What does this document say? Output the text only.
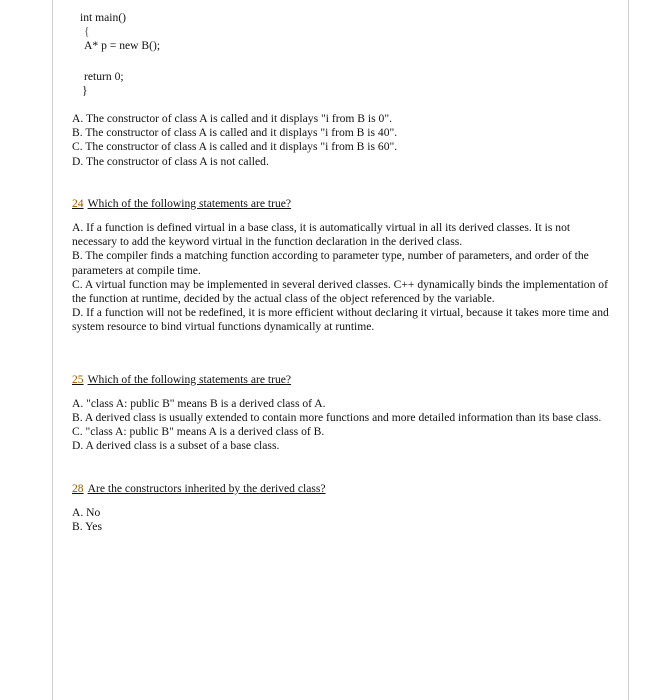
int main()
{
A* p = new B();
return 0;
}

A. The constructor of class A is called and it displays "i from B is 0".

B. The constructor of class A is called and it displays "i from B is 40".

C. The constructor of class A is called and it displays "i from B is 60".

D. The constructor of class A is not called.

24 Which of the following statements are true?

A. If a function is defined virtual in a base class, it is automatically virtual in all its derived classes. It is not necessary to add the keyword virtual in the function declaration in the derived class.

B. The compiler finds a matching function according to parameter type, number of parameters, and order of the parameters at compile time.

C. A virtual function may be implemented in several derived classes. C++ dynamically binds the implementation of the function at runtime, decided by the actual class of the object referenced by the variable.

D. If a function will not be redefined, it is more efficient without declaring it virtual, because it takes more time and system resource to bind virtual functions dynamically at runtime.

25 Which of the following statements are true?

A. "class A: public B" means B is a derived class of A.

B. A derived class is usually extended to contain more functions and more detailed information than its base class.

C. "class A: public B" means A is a derived class of B.

D. A derived class is a subset of a base class.

28 Are the constructors inherited by the derived class?

A. No

B. Yes
